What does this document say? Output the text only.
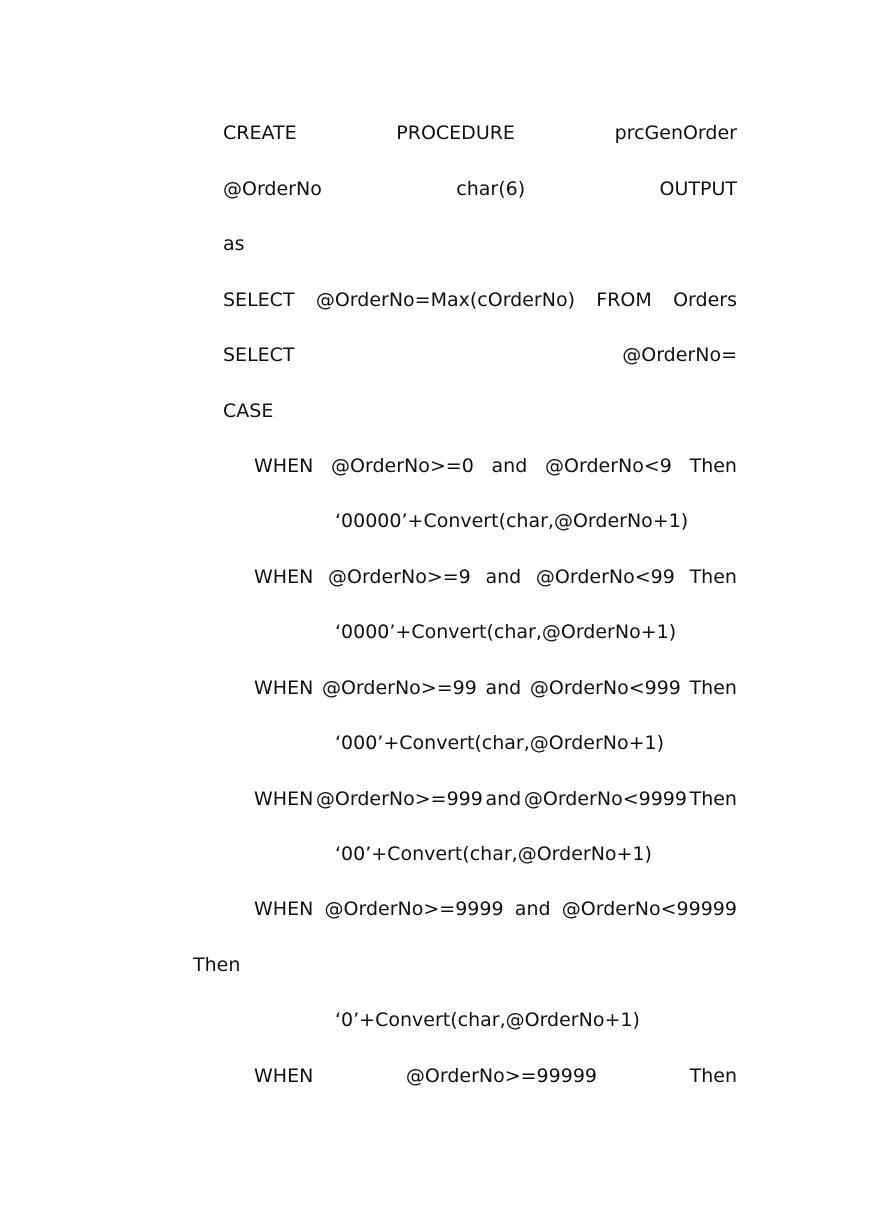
CREATE	PROCEDURE	prcGenOrder
@OrderNo	char(6)	OUTPUT
as
SELECT @OrderNo=Max(cOrderNo) FROM Orders
SELECT	@OrderNo=
CASE
WHEN @OrderNo>=0 and @OrderNo<9 Then
‘00000’+Convert(char,@OrderNo+1)
WHEN @OrderNo>=9 and @OrderNo<99 Then
‘0000’+Convert(char,@OrderNo+1)
WHEN @OrderNo>=99 and @OrderNo<999 Then
‘000’+Convert(char,@OrderNo+1)
WHEN @OrderNo>=999 and @OrderNo<9999 Then
‘00’+Convert(char,@OrderNo+1)
WHEN @OrderNo>=9999 and @OrderNo<99999
Then
‘0’+Convert(char,@OrderNo+1)
WHEN	@OrderNo>=99999	Then
